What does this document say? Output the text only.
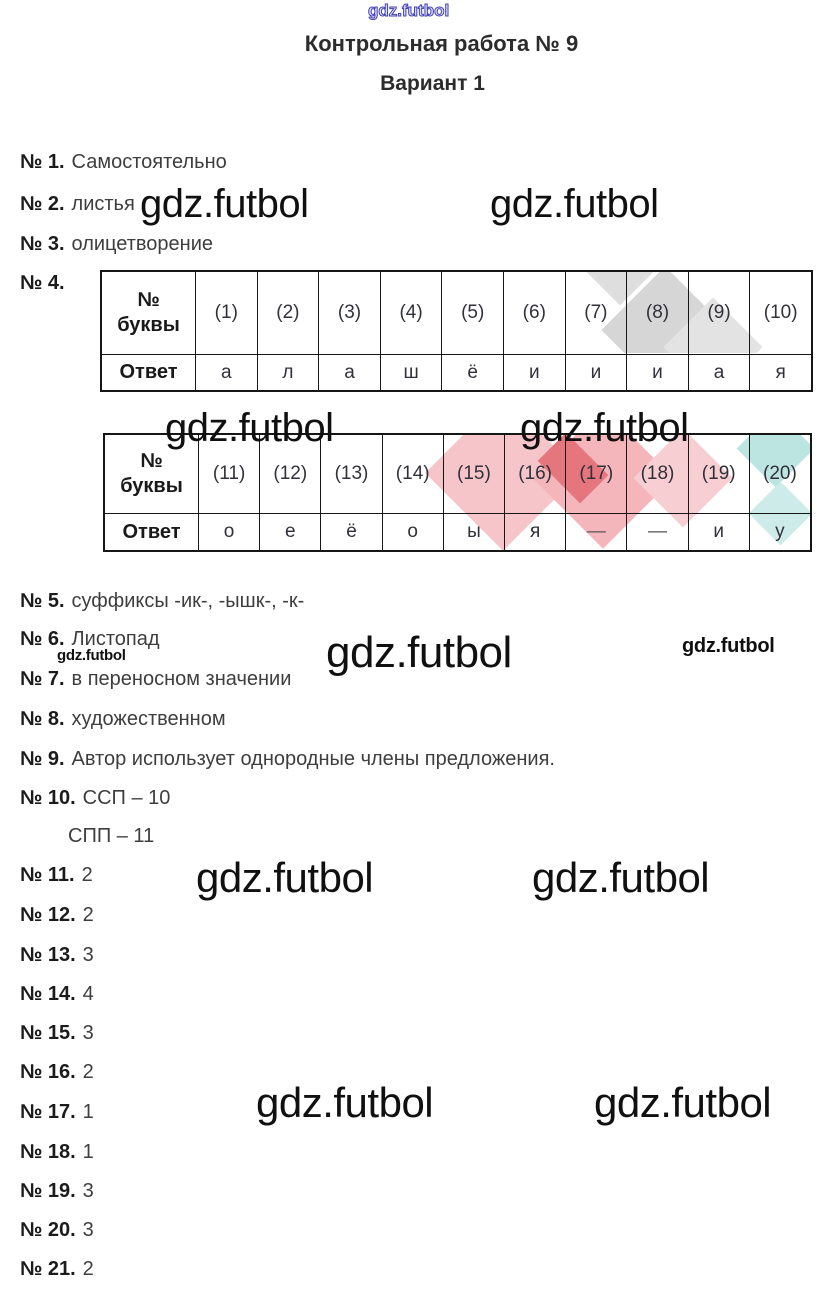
gdz.futbol
gdz.futbol	gdz.futbol
gdz.futbol	gdz.futbol
gdz.futbol
gdz.futbol	gdz.futbol
gdz.futbol	gdz.futbol
gdz.futbol	gdz.futbol
Контрольная работа № 9
Вариант 1
№
буквы
(1)	(2)	(3)	(4)	(5)	(6)	(7)	(8)	(9)	(10)
Ответ	а	л	а	ш	ё	и	и	и	а	я
№
буквы
(11)	(12)	(13)	(14)	(15)	(16)	(17)	(18)	(19)	(20)
Ответ	о	е	ё	о	ы	я	—	—	и	у
№ 1. Самостоятельно
№ 2. листья
№ 3. олицетворение
№ 4.
№ 5. суффиксы -ик-, -ышк-, -к-
№ 6. Листопад
№ 7. в переносном значении
№ 8. художественном
№ 9. Автор использует однородные члены предложения.
№ 10. ССП – 10
СПП – 11
№ 11. 2
№ 12. 2
№ 13. 3
№ 14. 4
№ 15. 3
№ 16. 2
№ 17. 1
№ 18. 1
№ 19. 3
№ 20. 3
№ 21. 2
